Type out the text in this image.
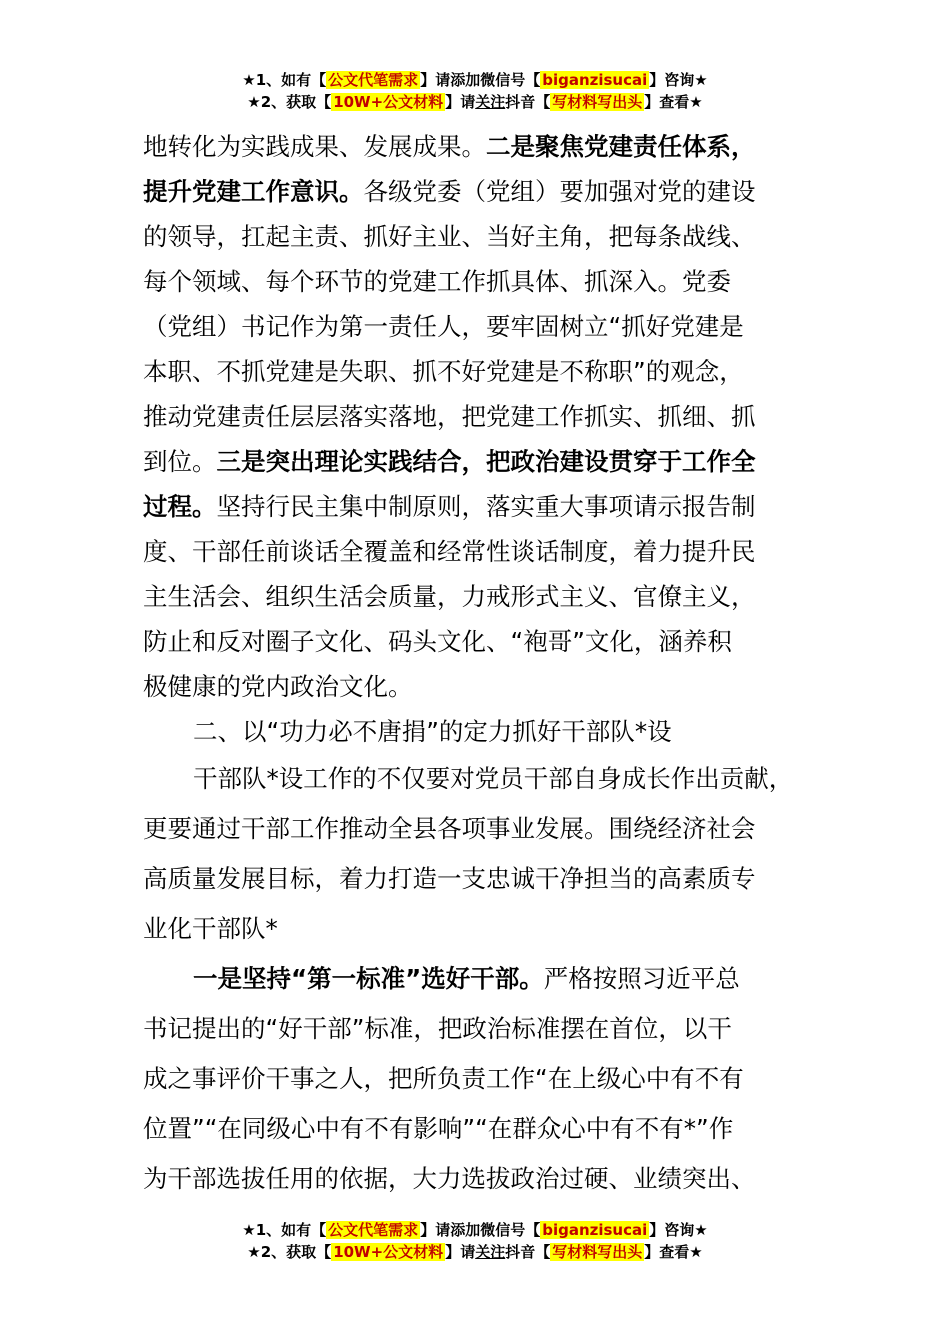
★1、如有【 公文代笔需求 】请添加微信号【 biganzisucai 】咨询★
★2、获取【 10W+公文材料 】请关注抖音【 写材料写出头 】查看★
地转化为实践成果、发展成果。二是聚焦党建责任体系，
提升党建工作意识。各级党委（党组）要加强对党的建设
的领导，扛起主责、抓好主业、当好主角，把每条战线、
每个领域、每个环节的党建工作抓具体、抓深入。党委
（党组）书记作为第一责任人，要牢固树立“抓好党建是
本职、不抓党建是失职、抓不好党建是不称职”的观念，
推动党建责任层层落实落地，把党建工作抓实、抓细、抓
到位。三是突出理论实践结合，把政治建设贯穿于工作全
过程。坚持行民主集中制原则，落实重大事项请示报告制
度、干部任前谈话全覆盖和经常性谈话制度，着力提升民
主生活会、组织生活会质量，力戒形式主义、官僚主义，
防止和反对圈子文化、码头文化、“袍哥”文化，涵养积
极健康的党内政治文化。
二、以“功力必不唐捐”的定力抓好干部队*设
干部队*设工作的不仅要对党员干部自身成长作出贡献，
更要通过干部工作推动全县各项事业发展。围绕经济社会
高质量发展目标，着力打造一支忠诚干净担当的高素质专
业化干部队*
一是坚持“第一标准”选好干部。严格按照习近平总
书记提出的“好干部”标准，把政治标准摆在首位，以干
成之事评价干事之人，把所负责工作“在上级心中有不有
位置”“在同级心中有不有影响”“在群众心中有不有*”作
为干部选拔任用的依据，大力选拔政治过硬、业绩突出、
★1、如有【 公文代笔需求 】请添加微信号【 biganzisucai 】咨询★
★2、获取【 10W+公文材料 】请关注抖音【 写材料写出头 】查看★
